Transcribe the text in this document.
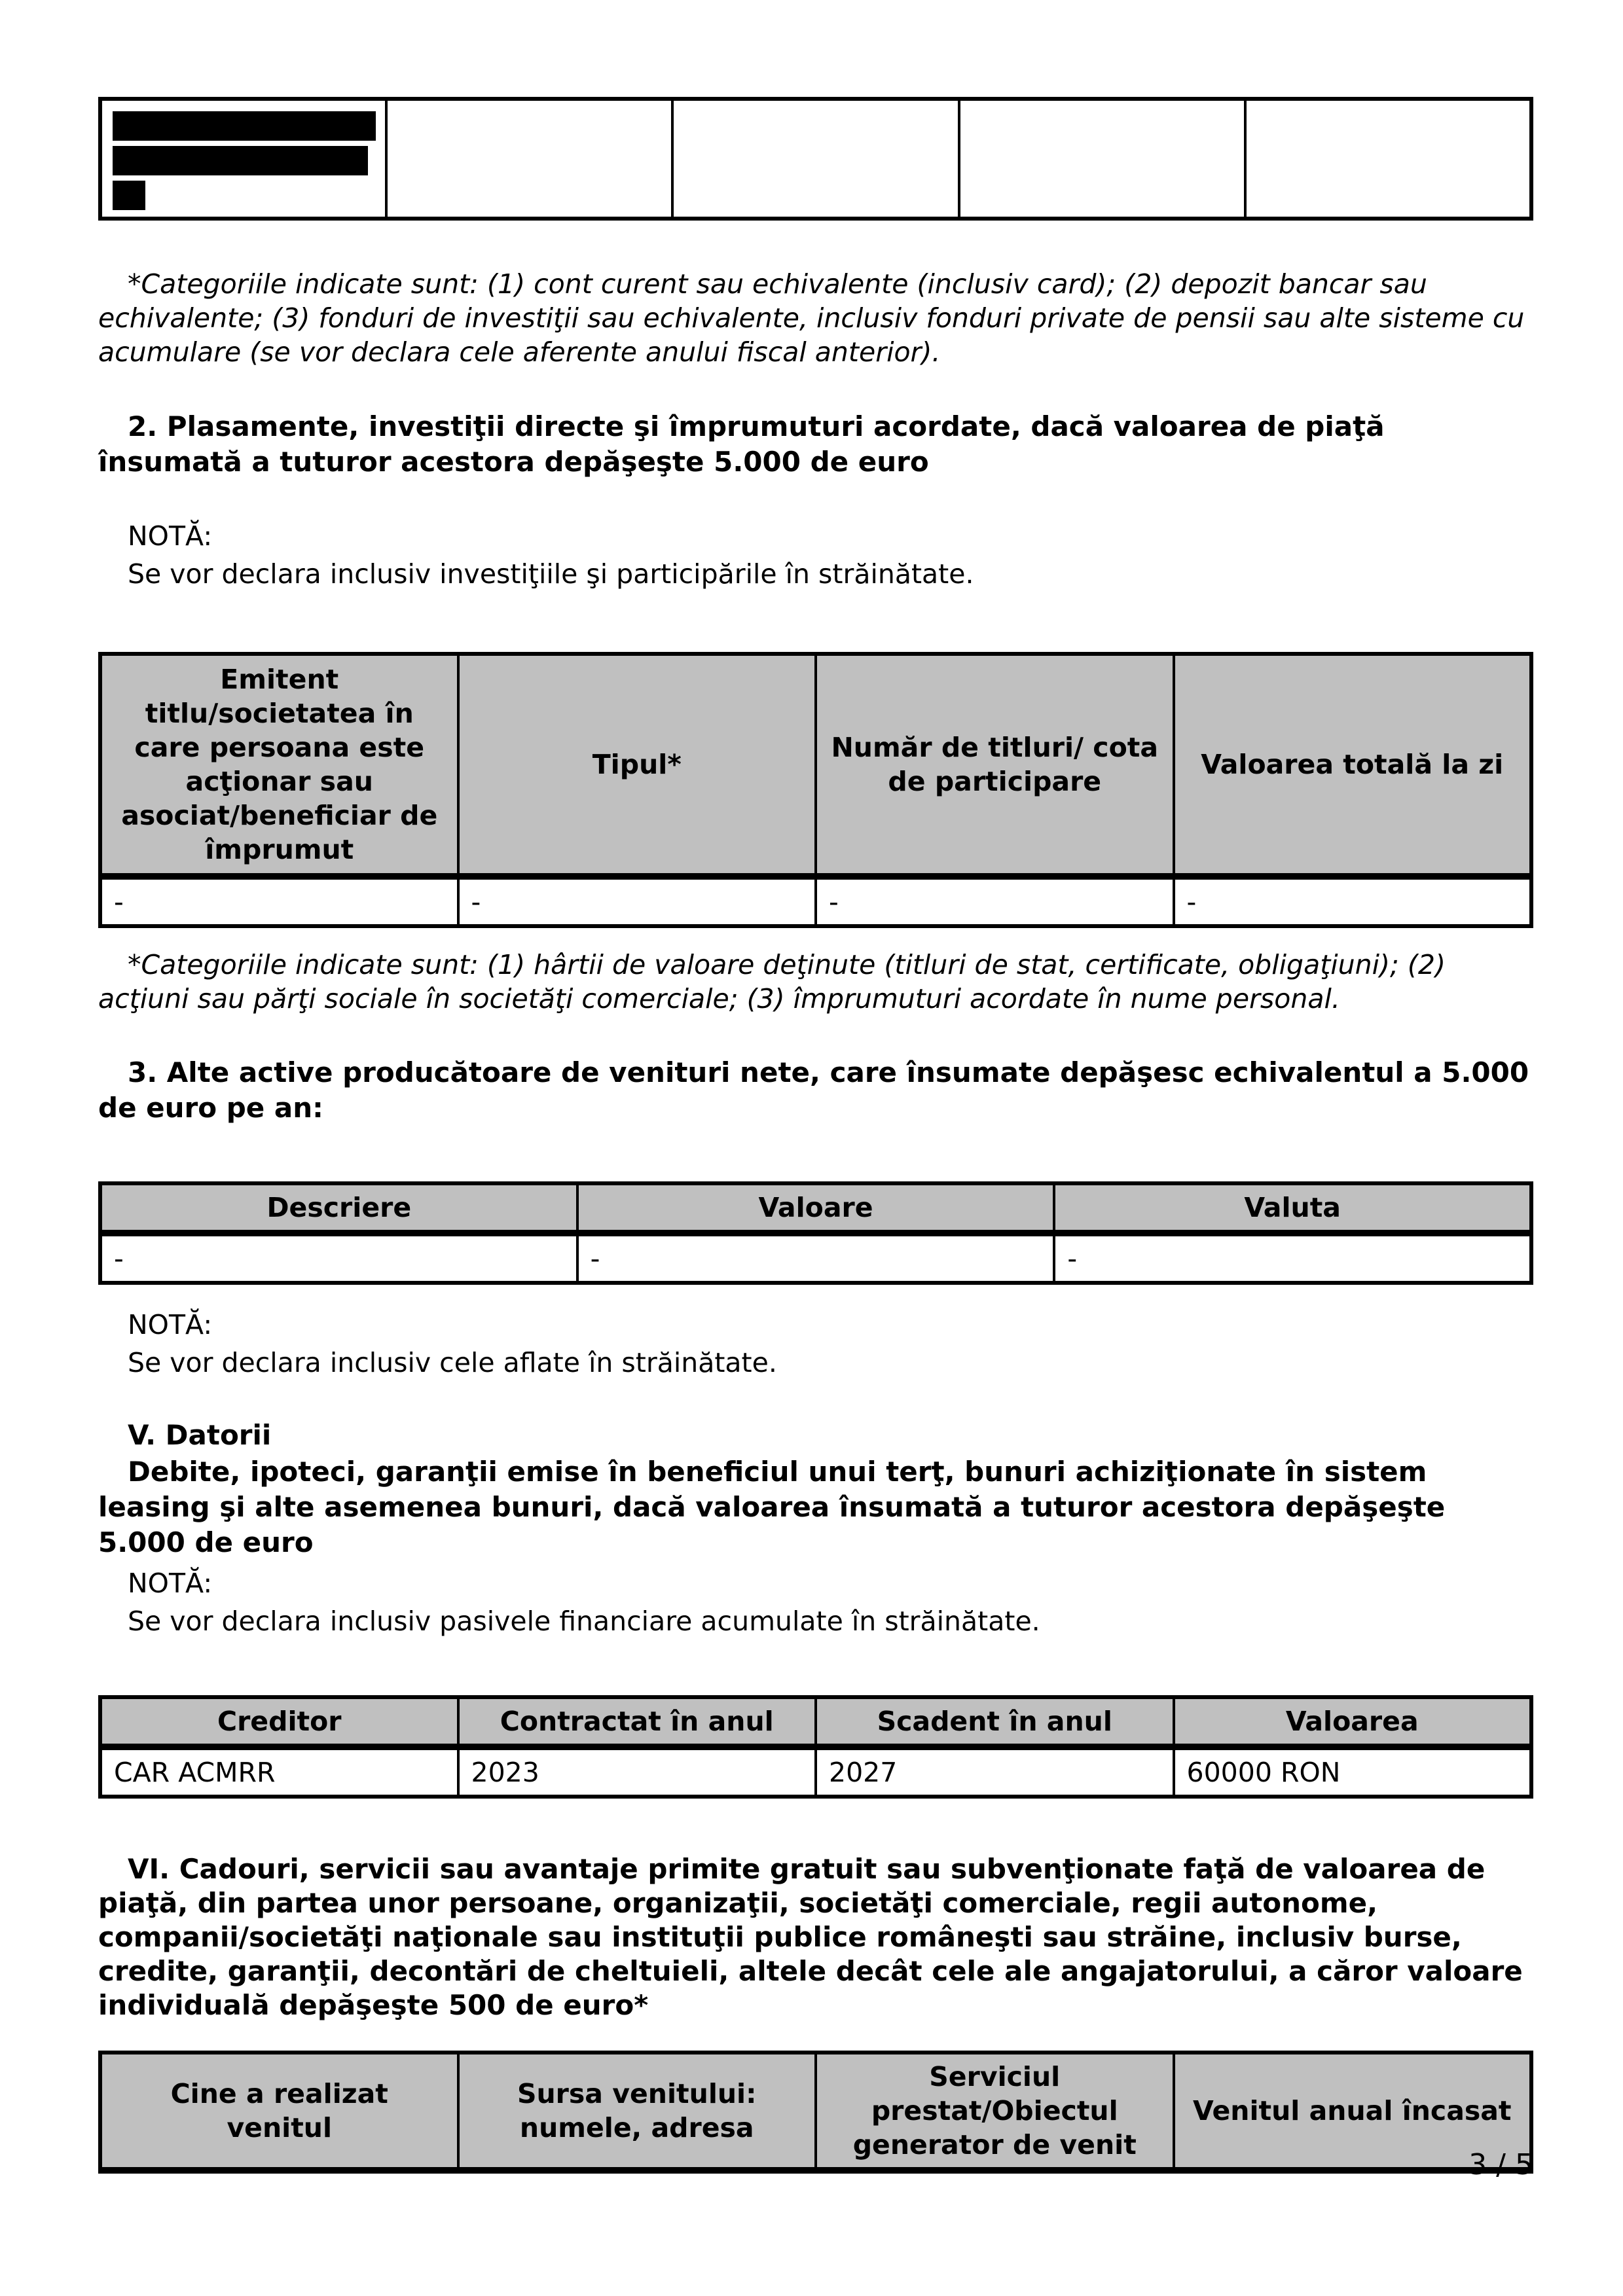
*Categoriile indicate sunt: (1) cont curent sau echivalente (inclusiv card); (2) depozit bancar sau echivalente; (3) fonduri de investiţii sau echivalente, inclusiv fonduri private de pensii sau alte sisteme cu acumulare (se vor declara cele aferente anului fiscal anterior).
2. Plasamente, investiţii directe şi împrumuturi acordate, dacă valoarea de piaţă însumată a tuturor acestora depăşeşte 5.000 de euro
NOTĂ:
Se vor declara inclusiv investiţiile şi participările în străinătate.
Emitent titlu/societatea în care persoana este acţionar sau asociat/beneficiar de împrumut	Tipul*	Număr de titluri/ cota de participare	Valoarea totală la zi
-	-	-	-
*Categoriile indicate sunt: (1) hârtii de valoare deţinute (titluri de stat, certificate, obligaţiuni); (2) acţiuni sau părţi sociale în societăţi comerciale; (3) împrumuturi acordate în nume personal.
3. Alte active producătoare de venituri nete, care însumate depăşesc echivalentul a 5.000 de euro pe an:
Descriere	Valoare	Valuta
-	-	-
NOTĂ:
Se vor declara inclusiv cele aflate în străinătate.
V. Datorii
Debite, ipoteci, garanţii emise în beneficiul unui terţ, bunuri achiziţionate în sistem leasing şi alte asemenea bunuri, dacă valoarea însumată a tuturor acestora depăşeşte 5.000 de euro
NOTĂ:
Se vor declara inclusiv pasivele financiare acumulate în străinătate.
Creditor	Contractat în anul	Scadent în anul	Valoarea
CAR ACMRR	2023	2027	60000 RON
VI. Cadouri, servicii sau avantaje primite gratuit sau subvenţionate faţă de valoarea de piaţă, din partea unor persoane, organizaţii, societăţi comerciale, regii autonome, companii/societăţi naţionale sau instituţii publice româneşti sau străine, inclusiv burse, credite, garanţii, decontări de cheltuieli, altele decât cele ale angajatorului, a căror valoare individuală depăşeşte 500 de euro*
Cine a realizat venitul	Sursa venitului: numele, adresa	Serviciul prestat/Obiectul generator de venit	Venitul anual încasat
3 / 5
